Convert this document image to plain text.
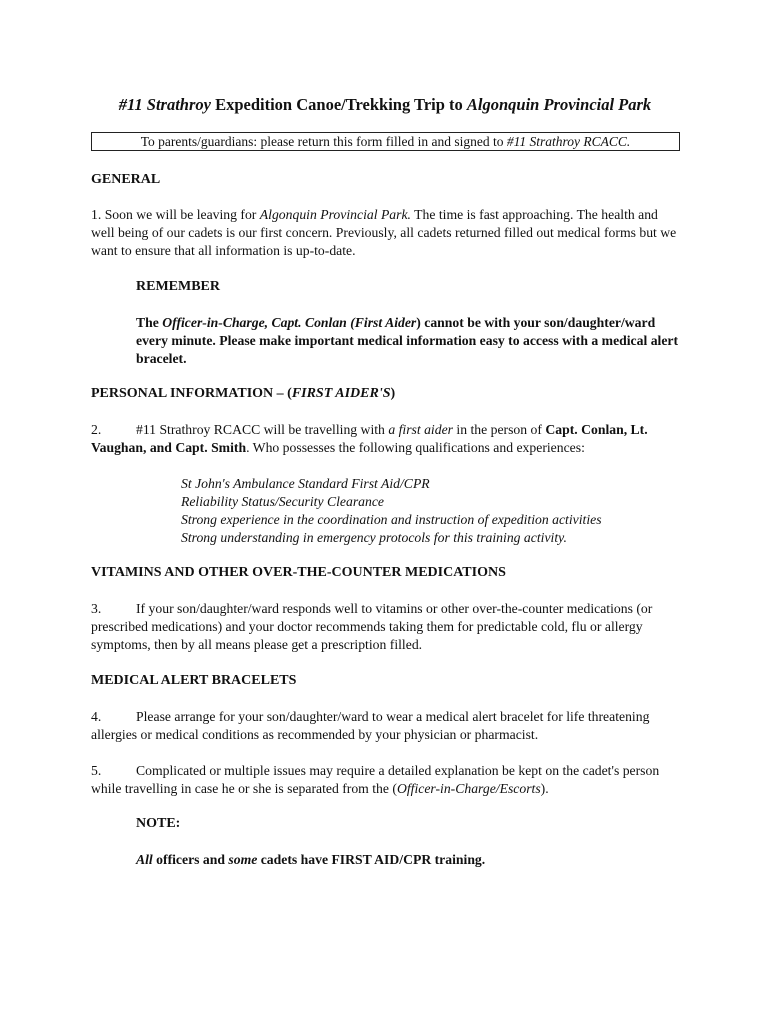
#11 Strathroy Expedition Canoe/Trekking Trip to Algonquin Provincial Park
To parents/guardians: please return this form filled in and signed to #11 Strathroy RCACC.
GENERAL
1. Soon we will be leaving for Algonquin Provincial Park. The time is fast approaching. The health and well being of our cadets is our first concern. Previously, all cadets returned filled out medical forms but we want to ensure that all information is up-to-date.
REMEMBER
The Officer-in-Charge, Capt. Conlan (First Aider) cannot be with your son/daughter/ward every minute. Please make important medical information easy to access with a medical alert bracelet.
PERSONAL INFORMATION – (FIRST AIDER'S)
2.	#11 Strathroy RCACC will be travelling with a first aider in the person of Capt. Conlan, Lt. Vaughan, and Capt. Smith. Who possesses the following qualifications and experiences:

St John's Ambulance Standard First Aid/CPR

Reliability Status/Security Clearance

Strong experience in the coordination and instruction of expedition activities

Strong understanding in emergency protocols for this training activity.

VITAMINS AND OTHER OVER-THE-COUNTER MEDICATIONS
3.	If your son/daughter/ward responds well to vitamins or other over-the-counter medications (or prescribed medications) and your doctor recommends taking them for predictable cold, flu or allergy symptoms, then by all means please get a prescription filled.
MEDICAL ALERT BRACELETS
4.	Please arrange for your son/daughter/ward to wear a medical alert bracelet for life threatening allergies or medical conditions as recommended by your physician or pharmacist.
5.	Complicated or multiple issues may require a detailed explanation be kept on the cadet's person while travelling in case he or she is separated from the (Officer-in-Charge/Escorts).
NOTE:
All officers and some cadets have FIRST AID/CPR training.
